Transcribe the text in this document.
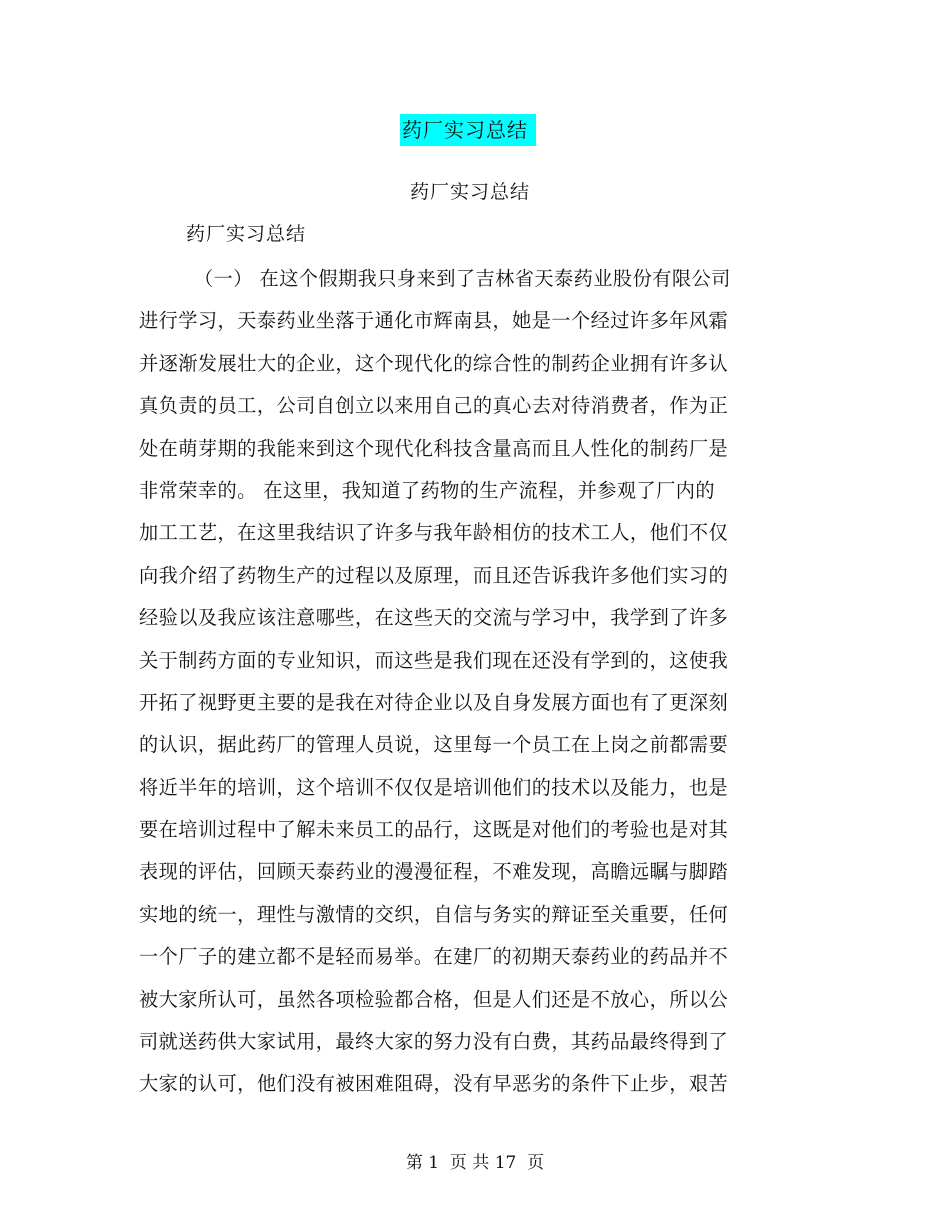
药厂实习总结
药厂实习总结
药厂实习总结
（一） 在这个假期我只身来到了吉林省天泰药业股份有限公司
进行学习，天泰药业坐落于通化市辉南县，她是一个经过许多年风霜
并逐渐发展壮大的企业，这个现代化的综合性的制药企业拥有许多认
真负责的员工，公司自创立以来用自己的真心去对待消费者，作为正
处在萌芽期的我能来到这个现代化科技含量高而且人性化的制药厂是
非常荣幸的。 在这里，我知道了药物的生产流程，并参观了厂内的
加工工艺，在这里我结识了许多与我年龄相仿的技术工人，他们不仅
向我介绍了药物生产的过程以及原理，而且还告诉我许多他们实习的
经验以及我应该注意哪些，在这些天的交流与学习中，我学到了许多
关于制药方面的专业知识，而这些是我们现在还没有学到的，这使我
开拓了视野更主要的是我在对待企业以及自身发展方面也有了更深刻
的认识，据此药厂的管理人员说，这里每一个员工在上岗之前都需要
将近半年的培训，这个培训不仅仅是培训他们的技术以及能力，也是
要在培训过程中了解未来员工的品行，这既是对他们的考验也是对其
表现的评估，回顾天泰药业的漫漫征程，不难发现，高瞻远瞩与脚踏
实地的统一，理性与激情的交织，自信与务实的辩证至关重要，任何
一个厂子的建立都不是轻而易举。在建厂的初期天泰药业的药品并不
被大家所认可，虽然各项检验都合格，但是人们还是不放心，所以公
司就送药供大家试用，最终大家的努力没有白费，其药品最终得到了
大家的认可，他们没有被困难阻碍，没有早恶劣的条件下止步，艰苦
第 1  页 共 17  页
